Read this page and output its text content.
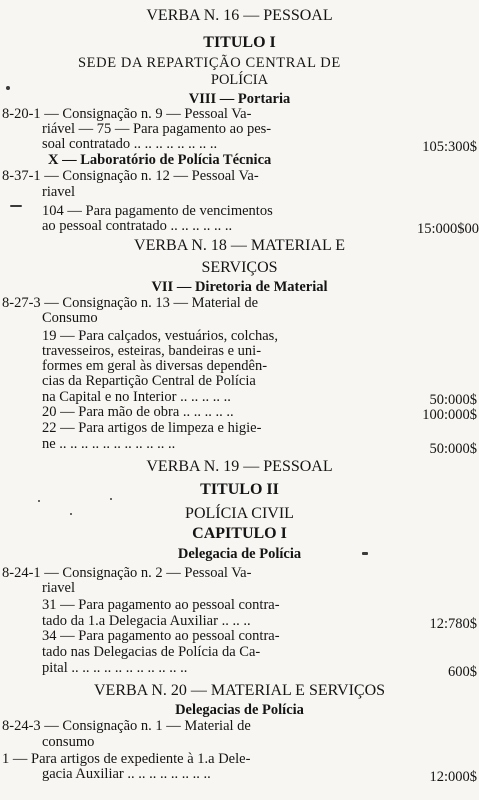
VERBA N. 16 — PESSOAL
TITULO I
SEDE DA REPARTIÇÃO CENTRAL DE
POLÍCIA
VIII — Portaria
8-20-1 — Consignação n. 9 — Pessoal Va-
riável — 75 — Para pagamento ao pes-
soal contratado .. .. .. .. .. .. .. ..	105:300$
X — Laboratório de Polícia Técnica
8-37-1 — Consignação n. 12 — Pessoal Va-
riavel
104 — Para pagamento de vencimentos
ao pessoal contratado .. .. .. .. .. ..	15:000$00
VERBA N. 18 — MATERIAL E
SERVIÇOS
VII — Diretoria de Material
8-27-3 — Consignação n. 13 — Material de
Consumo
19 — Para calçados, vestuários, colchas,
travesseiros, esteiras, bandeiras e uni-
formes em geral às diversas dependên-
cias da Repartição Central de Polícia
na Capital e no Interior .. .. .. .. ..	50:000$
20 — Para mão de obra .. .. .. .. ..	100:000$
22 — Para artigos de limpeza e higie-
ne .. .. .. .. .. .. .. .. .. .. ..	50:000$
VERBA N. 19 — PESSOAL
TITULO II
POLÍCIA CIVIL
CAPITULO I
Delegacia de Polícia
8-24-1 — Consignação n. 2 — Pessoal Va-
riavel
31 — Para pagamento ao pessoal contra-
tado da 1.a Delegacia Auxiliar .. .. ..	12:780$
34 — Para pagamento ao pessoal contra-
tado nas Delegacias de Polícia da Ca-
pital .. .. .. .. .. .. .. .. .. .. ..	600$
VERBA N. 20 — MATERIAL E SERVIÇOS
Delegacias de Polícia
8-24-3 — Consignação n. 1 — Material de
consumo
1 — Para artigos de expediente à 1.a Dele-
gacia Auxiliar .. .. .. .. .. .. .. ..	12:000$
